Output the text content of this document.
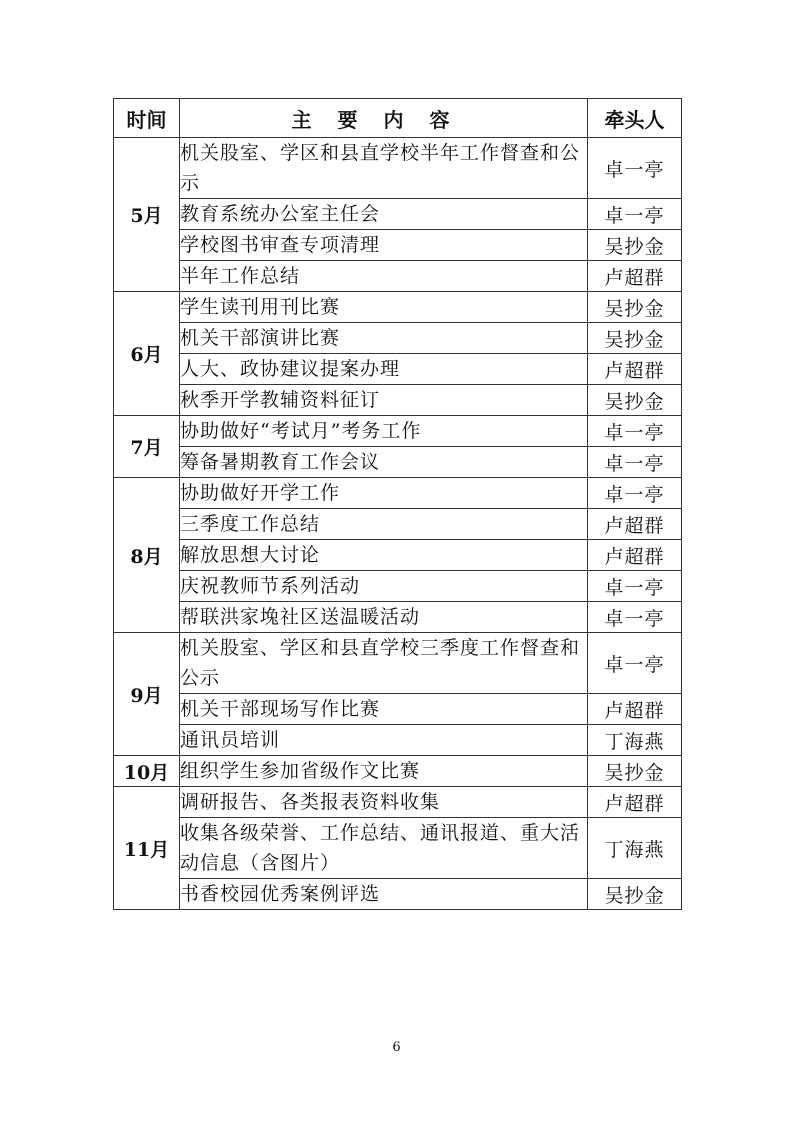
时间	主要内容	牵头人
5月	机关股室、学区和县直学校半年工作督查和公示	卓一亭
	教育系统办公室主任会	卓一亭
	学校图书审查专项清理	吴抄金
	半年工作总结	卢超群
6月	学生读刊用刊比赛	吴抄金
	机关干部演讲比赛	吴抄金
	人大、政协建议提案办理	卢超群
	秋季开学教辅资料征订	吴抄金
7月	协助做好“考试月”考务工作	卓一亭
	筹备暑期教育工作会议	卓一亭
8月	协助做好开学工作	卓一亭
	三季度工作总结	卢超群
	解放思想大讨论	卢超群
	庆祝教师节系列活动	卓一亭
	帮联洪家堍社区送温暖活动	卓一亭
9月	机关股室、学区和县直学校三季度工作督查和公示	卓一亭
	机关干部现场写作比赛	卢超群
	通讯员培训	丁海燕
10月	组织学生参加省级作文比赛	吴抄金
11月	调研报告、各类报表资料收集	卢超群
	收集各级荣誉、工作总结、通讯报道、重大活动信息（含图片）	丁海燕
	书香校园优秀案例评选	吴抄金
6
